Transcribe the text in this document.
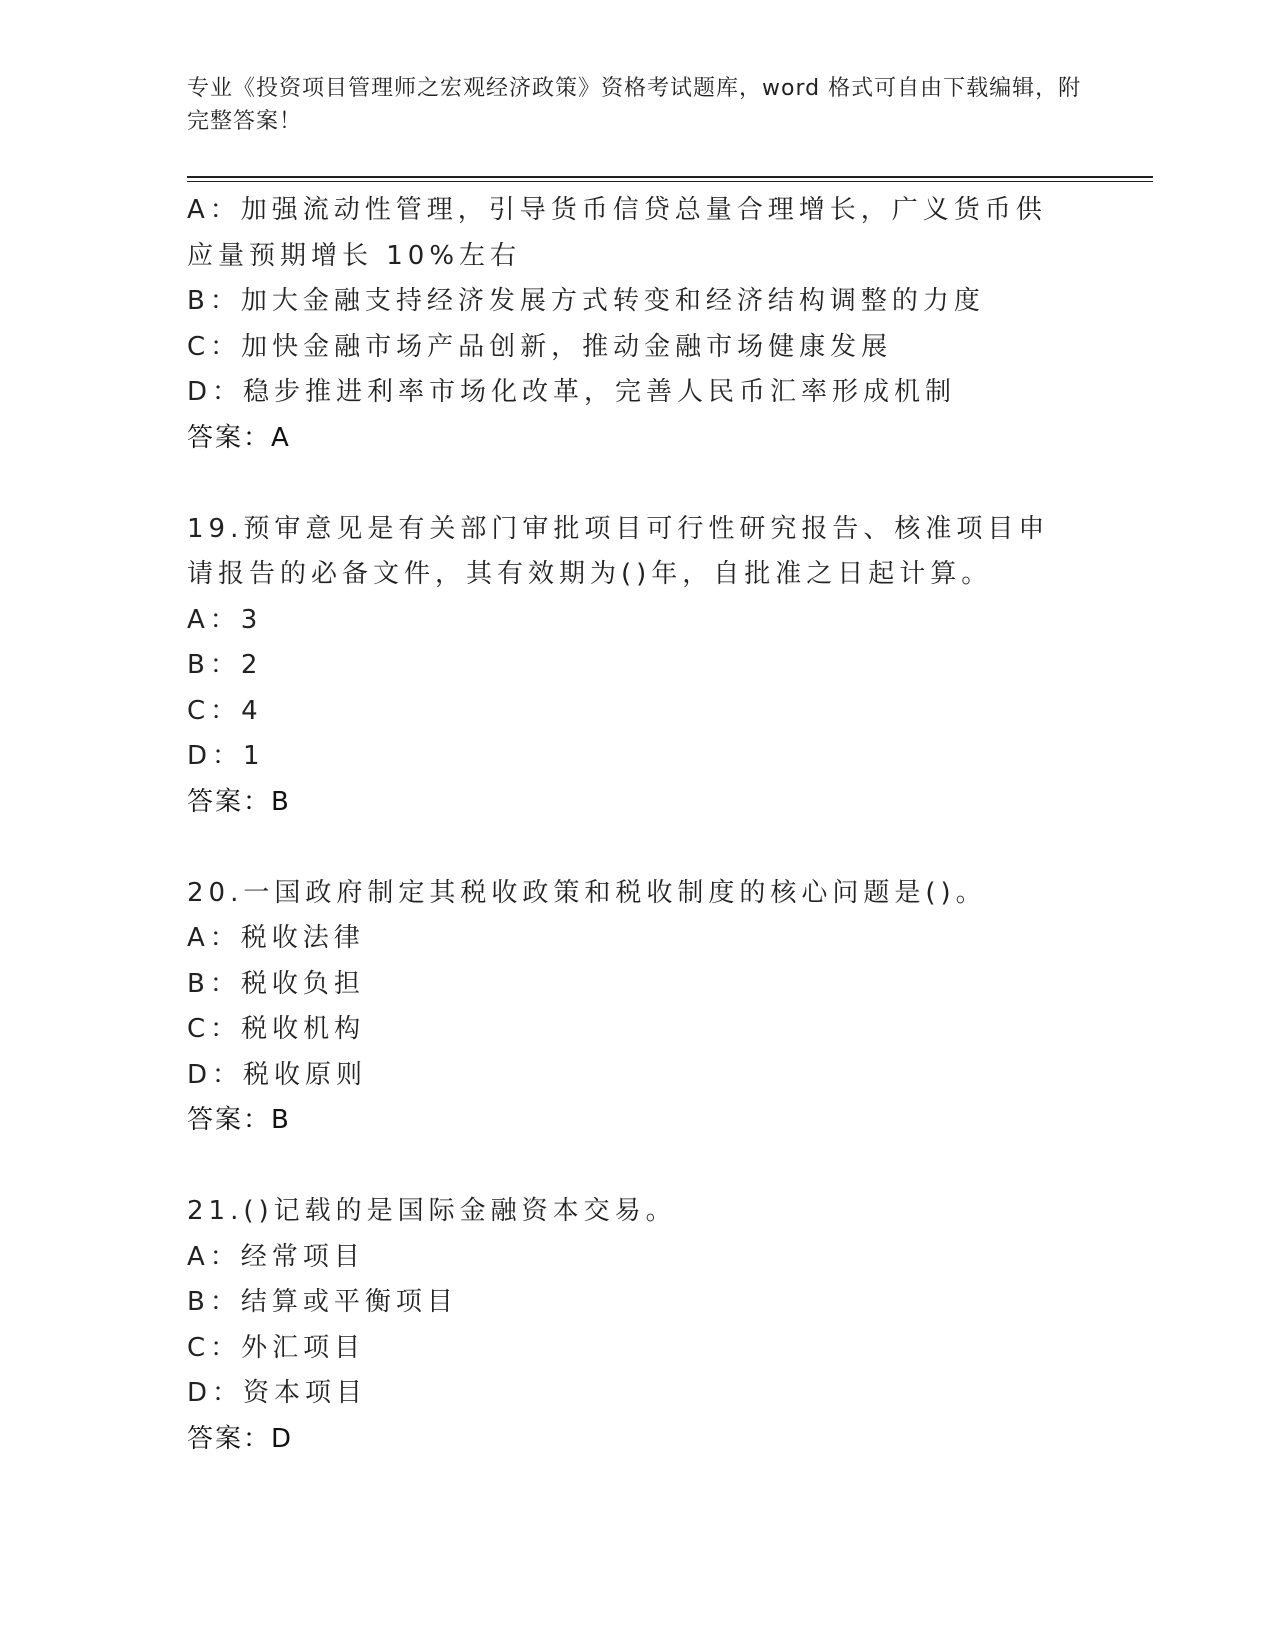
专业《投资项目管理师之宏观经济政策》资格考试题库，word 格式可自由下载编辑，附完整答案！
A：加强流动性管理，引导货币信贷总量合理增长，广义货币供应量预期增长 10%左右
B：加大金融支持经济发展方式转变和经济结构调整的力度
C：加快金融市场产品创新，推动金融市场健康发展
D：稳步推进利率市场化改革，完善人民币汇率形成机制
答案：A
19.预审意见是有关部门审批项目可行性研究报告、核准项目申请报告的必备文件，其有效期为()年，自批准之日起计算。
A：3
B：2
C：4
D：1
答案：B
20.一国政府制定其税收政策和税收制度的核心问题是()。
A：税收法律
B：税收负担
C：税收机构
D：税收原则
答案：B
21.()记载的是国际金融资本交易。
A：经常项目
B：结算或平衡项目
C：外汇项目
D：资本项目
答案：D
